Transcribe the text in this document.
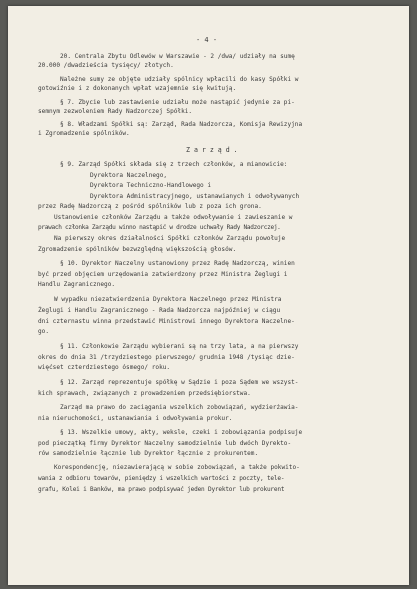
- 4 -
20. Centrala Zbytu Odlewów w Warszawie - 2 /dwa/ udziały na sumę
20.000 /dwadzieścia tysięcy/ złotych.
Należne sumy ze objęte udziały spólnicy wpłacili do kasy Spółki w
gotowiźnie i z dokonanych wpłat wzajemnie się kwitują.
§ 7. Zbycie lub zastawienie udziału może nastąpić jedynie za pi-
semnym zezwoleniem Rady Nadzorczej Spółki.
§ 8. Władzami Spółki są: Zarząd, Rada Nadzorcza, Komisja Rewizyjna
i Zgromadzenie spólników.
Z a r z ą d .
§ 9. Zarząd Spółki składa się z trzech członków, a mianowicie:
Dyrektora Naczelnego,
Dyrektora Techniczno-Handlowego i
Dyrektora Administracyjnego, ustanawianych i odwoływanych
przez Radę Nadzorczą z pośród spólników lub z poza ich grona.
Ustanowienie członków Zarządu a także odwoływanie i zawieszanie w
prawach członka Zarządu winno nastąpić w drodze uchwały Rady Nadzorczej.
Na pierwszy okres działalności Spółki członków Zarządu powołuje
Zgromadzenie spólników bezwzględną większością głosów.
§ 10. Dyrektor Naczelny ustanowiony przez Radę Nadzorczą, winien
być przed objęciem urzędowania zatwierdzony przez Ministra Żeglugi i
Handlu Zagranicznego.
W wypadku niezatwierdzenia Dyrektora Naczelnego przez Ministra
Żeglugi i Handlu Zagranicznego - Rada Nadzorcza najpóźniej w ciągu
dni czternastu winna przedstawić Ministrowi innego Dyrektora Naczelne-
go.
§ 11. Członkowie Zarządu wybierani są na trzy lata, a na pierwszy
okres do dnia 31 /trzydziestego pierwszego/ grudnia 1948 /tysiąc dzie-
więćset czterdziestego ósmego/ roku.
§ 12. Zarząd reprezentuje spółkę w Sądzie i poza Sądem we wszyst-
kich sprawach, związanych z prowadzeniem przedsiębiorstwa.
Zarząd ma prawo do zaciągania wszelkich zobowiązań, wydzierżawia-
nia nieruchomości, ustanawiania i odwoływania prokur.
§ 13. Wszelkie umowy, akty, weksle, czeki i zobowiązania podpisuje
pod pieczątką firmy Dyrektor Naczelny samodzielnie lub dwóch Dyrekto-
rów samodzielnie łącznie lub Dyrektor łącznie z prokurentem.
Korespondencję, niezawierającą w sobie zobowiązań, a także pokwito-
wania z odbioru towarów, pieniędzy i wszelkich wartości z poczty, tele-
grafu, Kolei i Banków, ma prawo podpisywać jeden Dyrektor lub prokurent
